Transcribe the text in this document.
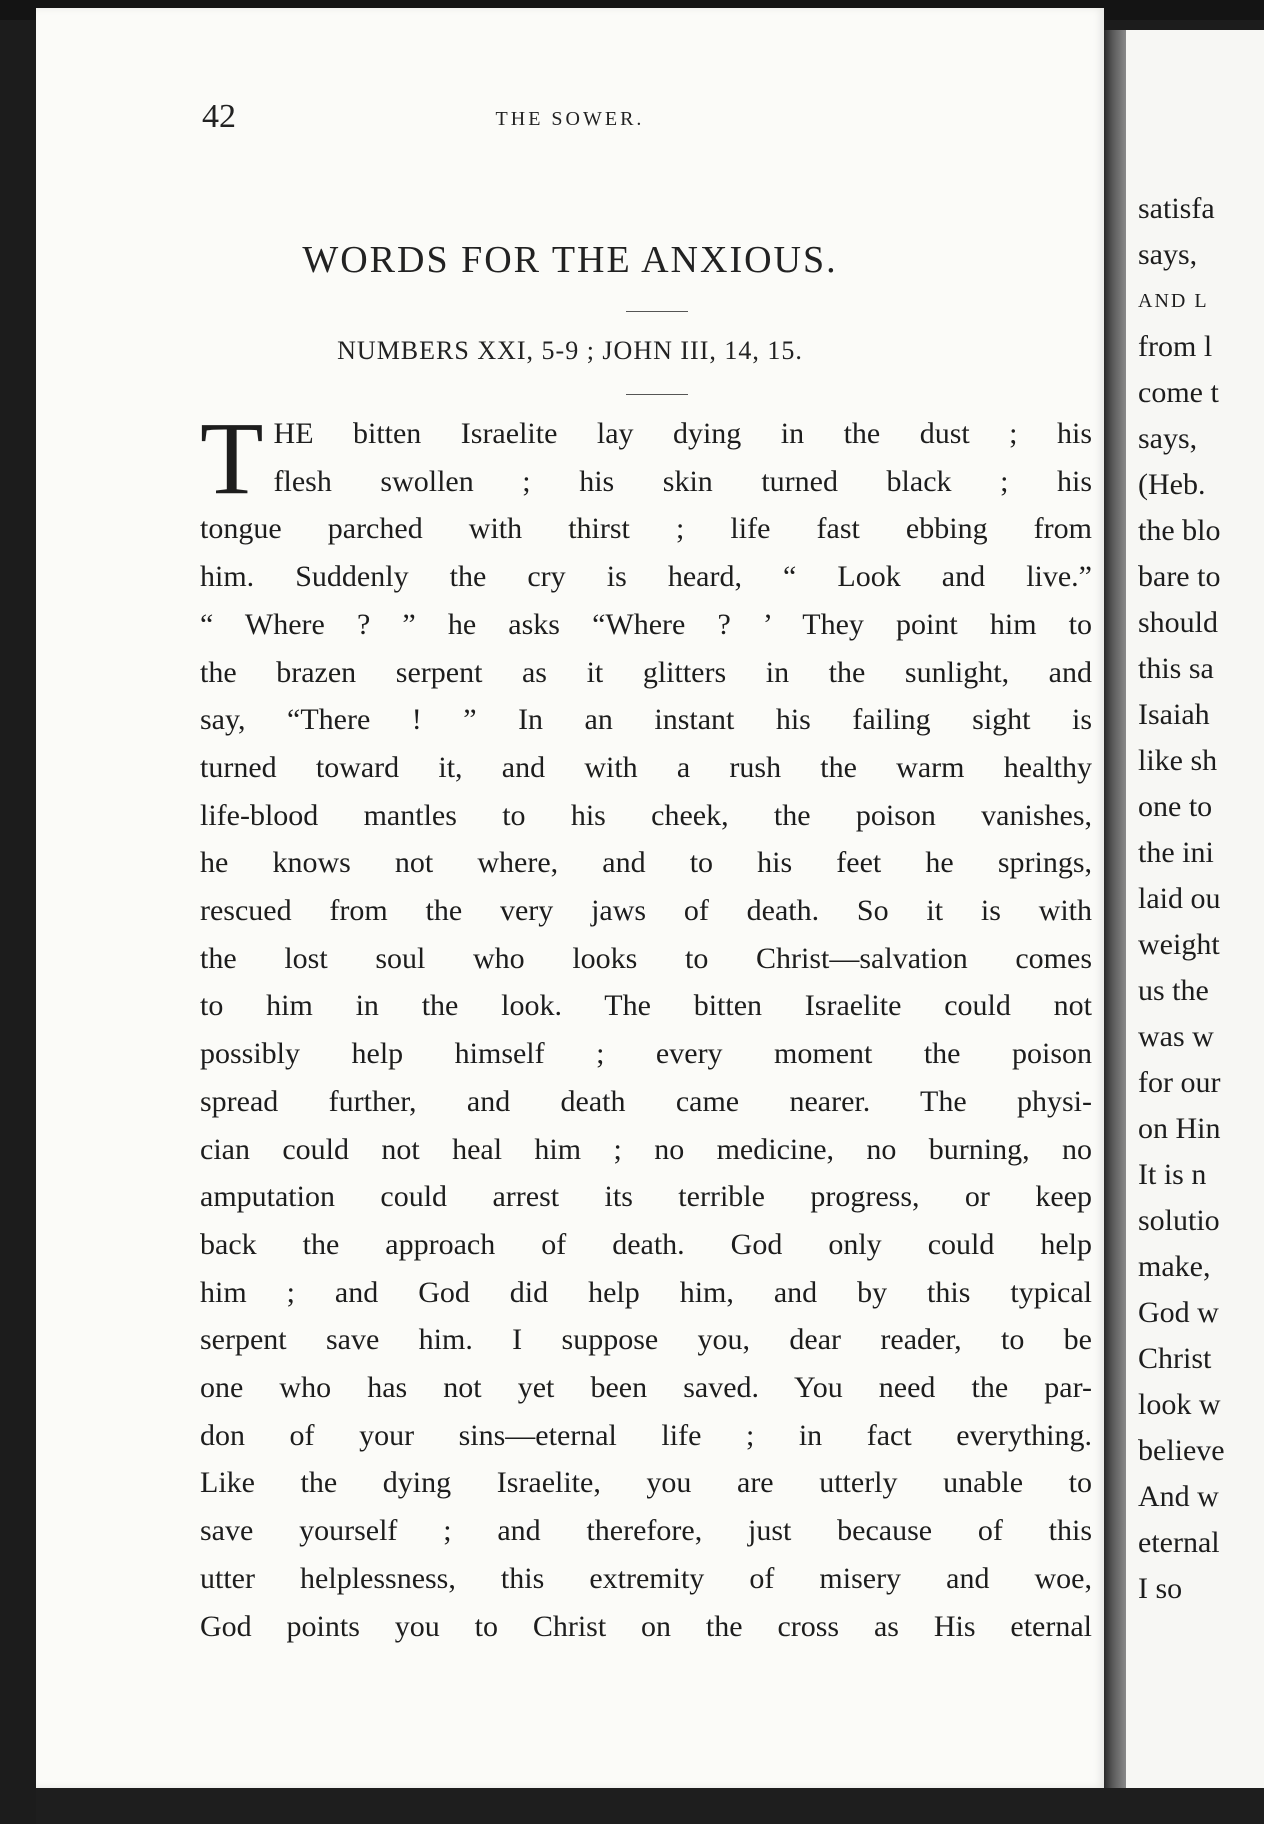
42	THE SOWER.
WORDS FOR THE ANXIOUS.
NUMBERS XXI, 5-9 ; JOHN III, 14, 15.
T HE bitten Israelite lay dying in the dust ; his
flesh swollen ; his skin turned black ; his
tongue parched with thirst ; life fast ebbing from
him. Suddenly the cry is heard, “ Look and live.”
“ Where ? ” he asks “Where ? ’ They point him to
the brazen serpent as it glitters in the sunlight, and
say, “There ! ” In an instant his failing sight is
turned toward it, and with a rush the warm healthy
life-blood mantles to his cheek, the poison vanishes,
he knows not where, and to his feet he springs,
rescued from the very jaws of death. So it is with
the lost soul who looks to Christ—salvation comes
to him in the look. The bitten Israelite could not
possibly help himself ; every moment the poison
spread further, and death came nearer. The physi-
cian could not heal him ; no medicine, no burning, no
amputation could arrest its terrible progress, or keep
back the approach of death. God only could help
him ; and God did help him, and by this typical
serpent save him. I suppose you, dear reader, to be
one who has not yet been saved. You need the par-
don of your sins—eternal life ; in fact everything.
Like the dying Israelite, you are utterly unable to
save yourself ; and therefore, just because of this
utter helplessness, this extremity of misery and woe,
God points you to Christ on the cross as His eternal
satisfa
says,
AND L
from l
come t
says,
(Heb.
the blo
bare to
should
this sa
Isaiah
like sh
one to
the ini
laid ou
weight
us the
was w
for our
on Hin
It is n
solutio
make,
God w
Christ
look w
believe
And w
eternal
I so
